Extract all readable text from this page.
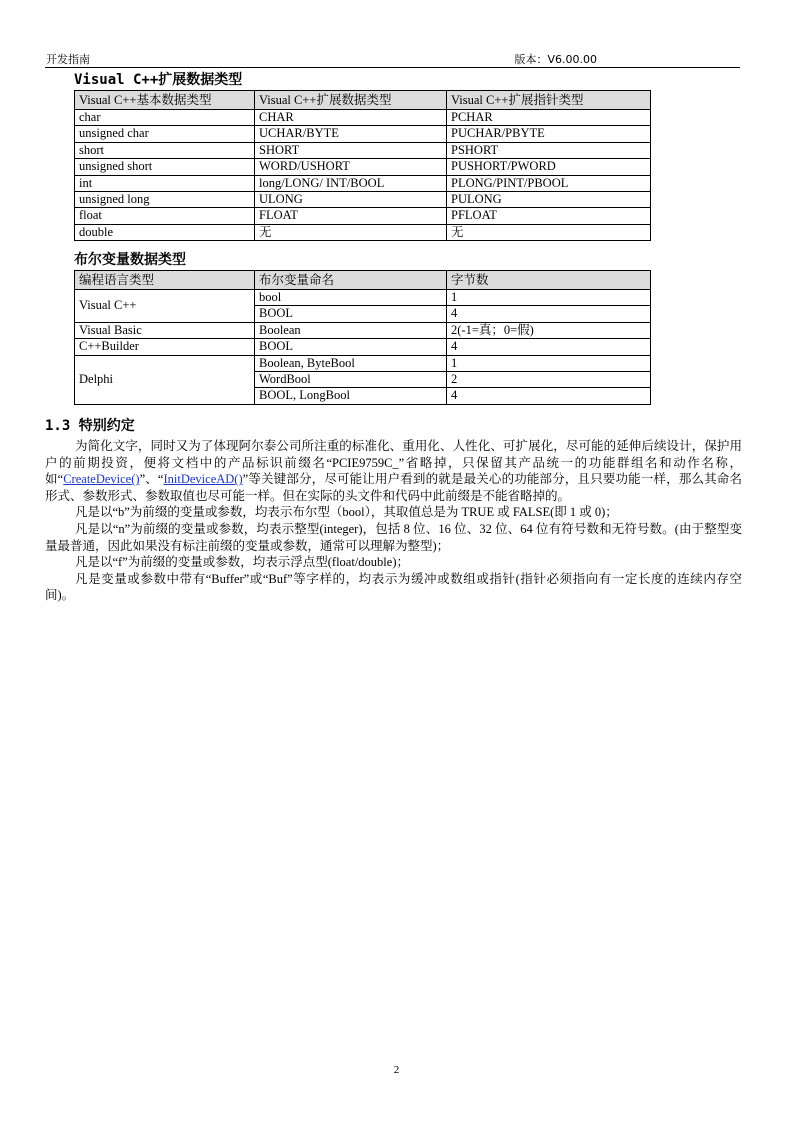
开发指南	版本：V6.00.00
Visual C++扩展数据类型
Visual C++基本数据类型	Visual C++扩展数据类型	Visual C++扩展指针类型
char	CHAR	PCHAR
unsigned char	UCHAR/BYTE	PUCHAR/PBYTE
short	SHORT	PSHORT
unsigned short	WORD/USHORT	PUSHORT/PWORD
int	long/LONG/ INT/BOOL	PLONG/PINT/PBOOL
unsigned long	ULONG	PULONG
float	FLOAT	PFLOAT
double	无	无
布尔变量数据类型
编程语言类型	布尔变量命名	字节数
Visual C++	bool	1
	BOOL	4
Visual Basic	Boolean	2(-1=真；0=假)
C++Builder	BOOL	4
Delphi	Boolean, ByteBool	1
	WordBool	2
	BOOL, LongBool	4
1.3 特别约定

为简化文字，同时又为了体现阿尔泰公司所注重的标准化、重用化、人性化、可扩展化，尽可能的延伸后续设计，保护用户的前期投资，便将文档中的产品标识前缀名“PCIE9759C_”省略掉，只保留其产品统一的功能群组名和动作名称，如“CreateDevice()”、“InitDeviceAD()”等关键部分，尽可能让用户看到的就是最关心的功能部分，且只要功能一样，那么其命名形式、参数形式、参数取值也尽可能一样。但在实际的头文件和代码中此前缀是不能省略掉的。

凡是以“b”为前缀的变量或参数，均表示布尔型（bool），其取值总是为 TRUE 或 FALSE(即 1 或 0)；

凡是以“n”为前缀的变量或参数，均表示整型(integer)，包括 8 位、16 位、32 位、64 位有符号数和无符号数。(由于整型变量最普通，因此如果没有标注前缀的变量或参数，通常可以理解为整型)；

凡是以“f”为前缀的变量或参数，均表示浮点型(float/double)；

凡是变量或参数中带有“Buffer”或“Buf”等字样的，均表示为缓冲或数组或指针(指针必须指向有一定长度的连续内存空间)。

2
